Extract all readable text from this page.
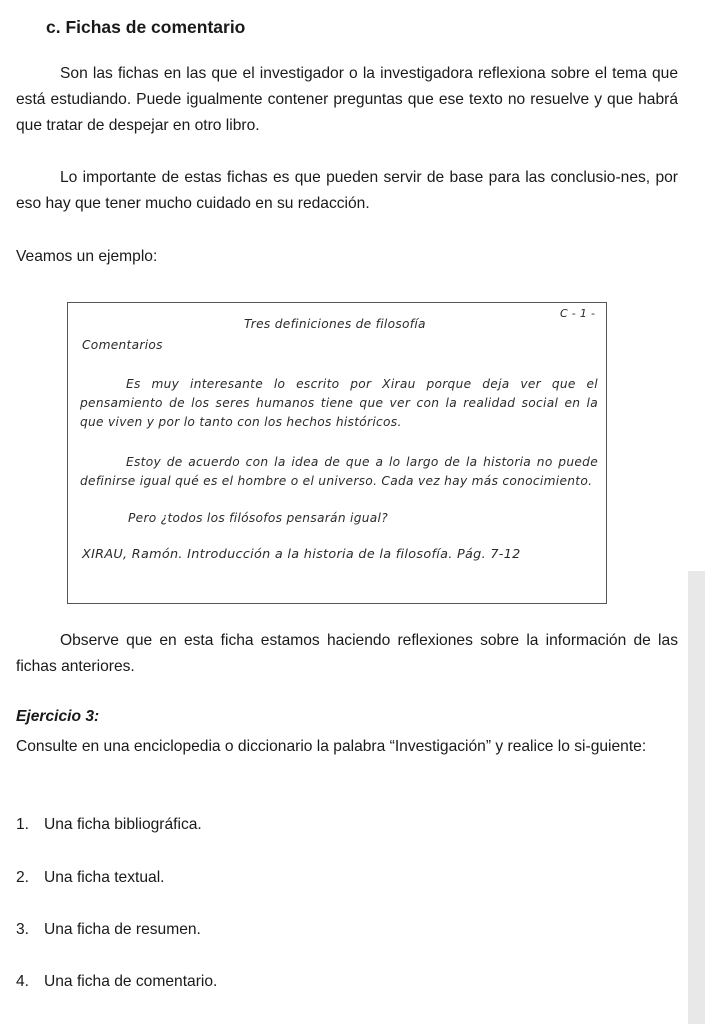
c. Fichas de comentario

Son las fichas en las que el investigador o la investigadora reflexiona sobre el tema que está estudiando. Puede igualmente contener preguntas que ese texto no resuelve y que habrá que tratar de despejar en otro libro.

Lo importante de estas fichas es que pueden servir de base para las conclusio-nes, por eso hay que tener mucho cuidado en su redacción.

Veamos un ejemplo:

C - 1 -

Tres definiciones de filosofía

Comentarios

Es muy interesante lo escrito por Xirau porque deja ver que el pensamiento de los seres humanos tiene que ver con la realidad social en la que viven y por lo tanto con los hechos históricos.

Estoy de acuerdo con la idea de que a lo largo de la historia no puede definirse igual qué es el hombre o el universo. Cada vez hay más conocimiento.

Pero ¿todos los filósofos pensarán igual?

XIRAU, Ramón. Introducción a la historia de la filosofía. Pág. 7-12

Observe que en esta ficha estamos haciendo reflexiones sobre la información de las fichas anteriores.

Ejercicio 3:

Consulte en una enciclopedia o diccionario la palabra “Investigación” y realice lo si-guiente:

1. Una ficha bibliográfica.

2. Una ficha textual.

3. Una ficha de resumen.

4. Una ficha de comentario.
